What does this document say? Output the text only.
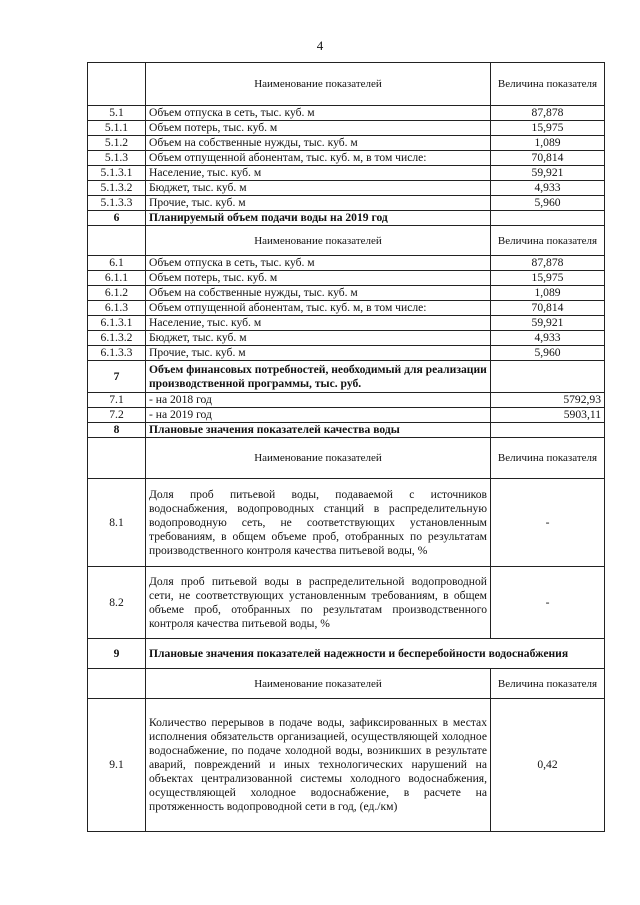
4
	Наименование показателей	Величина показателя
5.1	Объем отпуска в сеть, тыс. куб. м	87,878
5.1.1	Объем потерь, тыс. куб. м	15,975
5.1.2	Объем на собственные нужды, тыс. куб. м	1,089
5.1.3	Объем отпущенной абонентам, тыс. куб. м, в том числе:	70,814
5.1.3.1	Население, тыс. куб. м	59,921
5.1.3.2	Бюджет, тыс. куб. м	4,933
5.1.3.3	Прочие, тыс. куб. м	5,960
6	Планируемый объем подачи воды на 2019 год	
	Наименование показателей	Величина показателя
6.1	Объем отпуска в сеть, тыс. куб. м	87,878
6.1.1	Объем потерь, тыс. куб. м	15,975
6.1.2	Объем на собственные нужды, тыс. куб. м	1,089
6.1.3	Объем отпущенной абонентам, тыс. куб. м, в том числе:	70,814
6.1.3.1	Население, тыс. куб. м	59,921
6.1.3.2	Бюджет, тыс. куб. м	4,933
6.1.3.3	Прочие, тыс. куб. м	5,960
7	Объем финансовых потребностей, необходимый для реализации производственной программы, тыс. руб.	
7.1	- на 2018 год	5792,93
7.2	- на 2019 год	5903,11
8	Плановые значения показателей качества воды	
	Наименование показателей	Величина показателя
8.1	Доля проб питьевой воды, подаваемой с источников водоснабжения, водопроводных станций в распределительную водопроводную сеть, не соответствующих установленным требованиям, в общем объеме проб, отобранных по результатам производственного контроля качества питьевой воды, %	-
8.2	Доля проб питьевой воды в распределительной водопроводной сети, не соответствующих установленным требованиям, в общем объеме проб, отобранных по результатам производственного контроля качества питьевой воды, %	-
9	Плановые значения показателей надежности и бесперебойности водоснабжения	
	Наименование показателей	Величина показателя
9.1	Количество перерывов в подаче воды, зафиксированных в местах исполнения обязательств организацией, осуществляющей холодное водоснабжение, по подаче холодной воды, возникших в результате аварий, повреждений и иных технологических нарушений на объектах централизованной системы холодного водоснабжения, осуществляющей холодное водоснабжение, в расчете на протяженность водопроводной сети в год, (ед./км)	0,42
